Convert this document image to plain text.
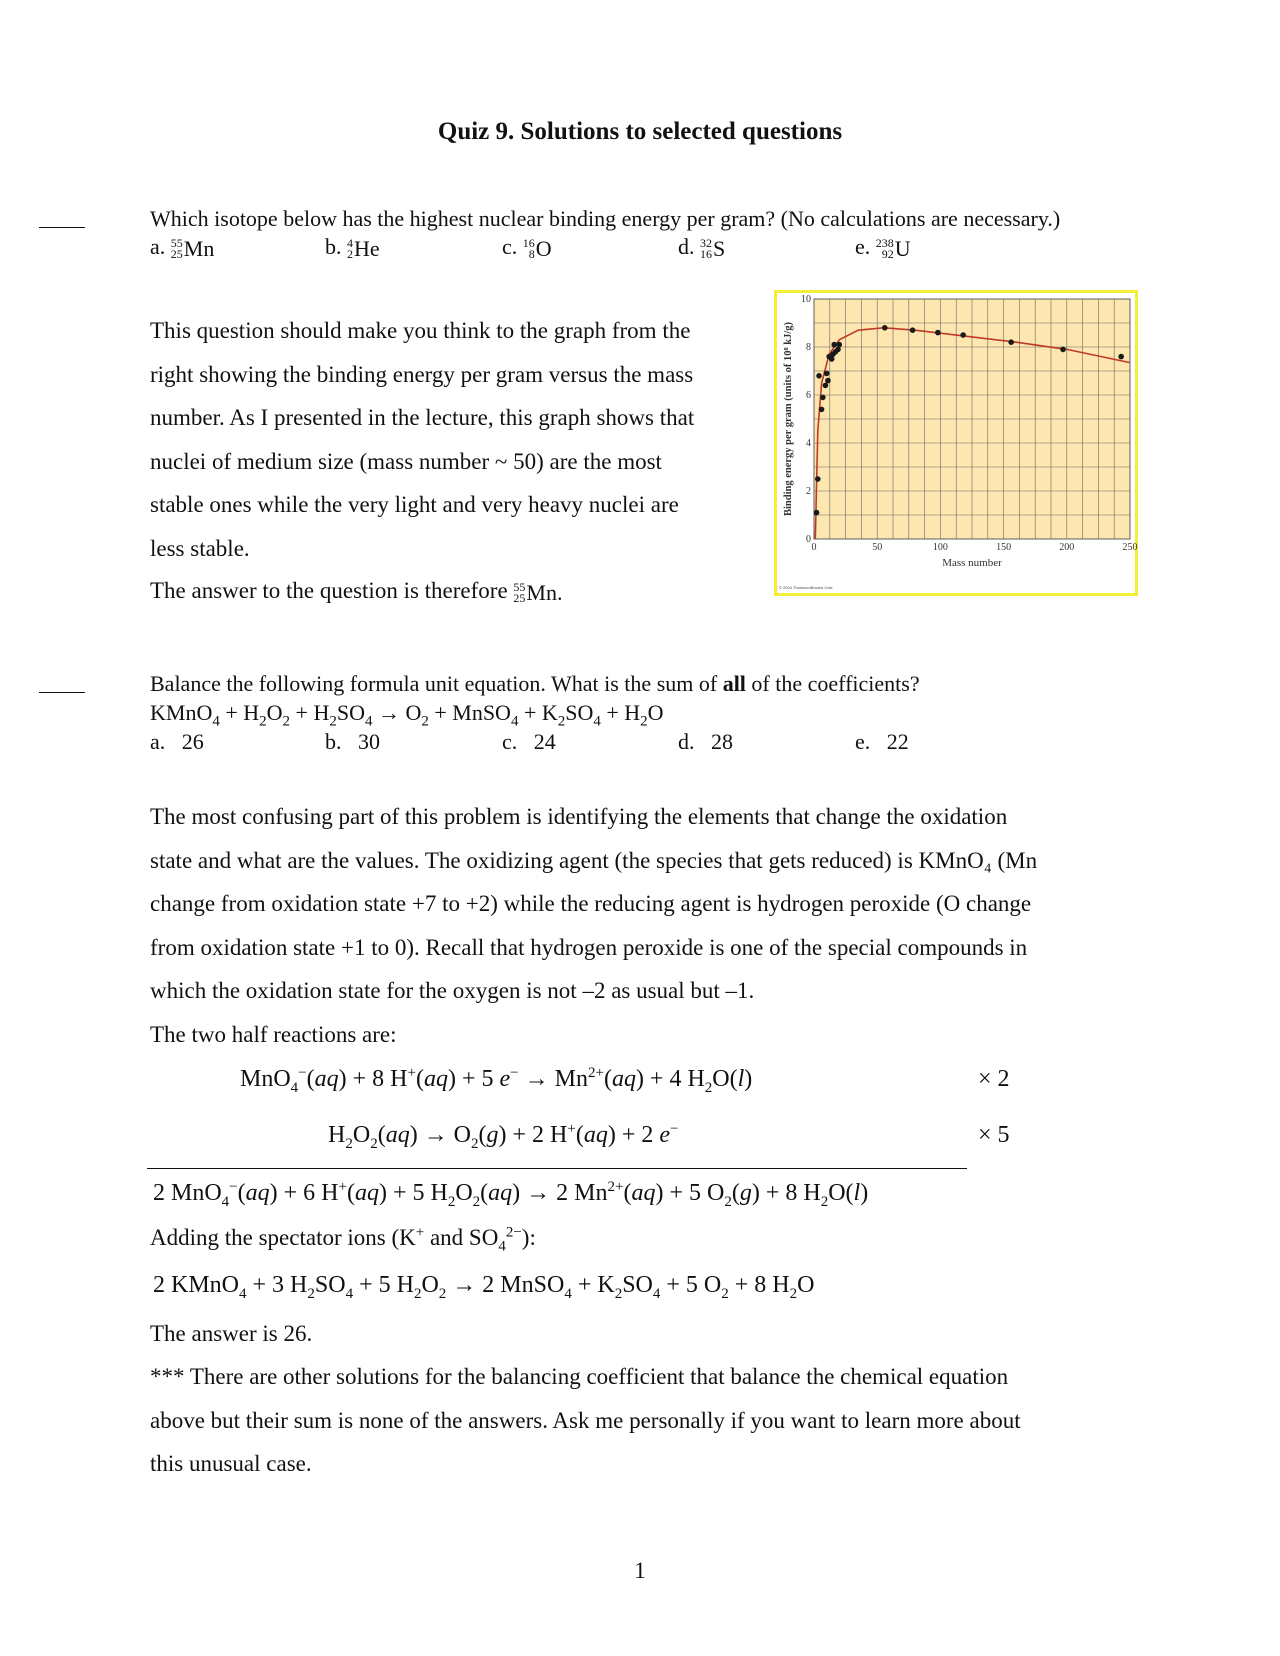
Quiz 9. Solutions to selected questions
Which isotope below has the highest nuclear binding energy per gram? (No calculations are necessary.)
a. 55
25 Mn	b. 4
2 He	c. 16
8 O	d. 32
16 S	e. 238
92 U
This question should make you think to the graph from the
right showing the binding energy per gram versus the mass
number. As I presented in the lecture, this graph shows that
nuclei of medium size (mass number ~ 50) are the most
stable ones while the very light and very heavy nuclei are
less stable.
The answer to the question is therefore 55
25 Mn.
0	50	100	150	200	250
0
2
4
6
8
10
Mass number
Binding energy per gram (units of 10⁸ kJ/g)
© 2004 Thomson/Brooks Cole
Balance the following formula unit equation. What is the sum of all of the coefficients?
KMnO$_4$ + $H_2O_2 + H_2SO_4 \to O_2$ + MnSO$_4$ + $K_2SO_4 + H_2O$
a. 26	b. 30	c. 24	d. 28	e. 22
The most confusing part of this problem is identifying the elements that change the oxidation
state and what are the values. The oxidizing agent (the species that gets reduced) is KMnO₄ (Mn
change from oxidation state +7 to +2) while the reducing agent is hydrogen peroxide (O change
from oxidation state +1 to 0). Recall that hydrogen peroxide is one of the special compounds in
which the oxidation state for the oxygen is not –2 as usual but –1.
The two half reactions are:
MnO$_4$−(aq) + 8 H+(aq) + 5 $e^- \to Mn^{2+}(aq) + 4$ $H_2O(l)$	× 2
$H_2O_2(aq) \to O_2(g) + 2$ H+(aq) + 2 e−	× 5
2 MnO$_4$−(aq) + 6 H+(aq) + 5 $H_2O_2(aq) \to 2$ $Mn^{2+}(aq) + 5$ $O_2(g) + 8$ $H_2O(l)$
Adding the spectator ions (K+ and $SO_4^{2-}$):
2 KMnO$_4$ + 3 $H_2SO_4 + 5$ $H_2O_2 \to 2$ MnSO$_4$ + $K_2SO_4 + 5$ $O_2 + 8$ $H_2O$
The answer is 26.
*** There are other solutions for the balancing coefficient that balance the chemical equation
above but their sum is none of the answers. Ask me personally if you want to learn more about
this unusual case.
1
